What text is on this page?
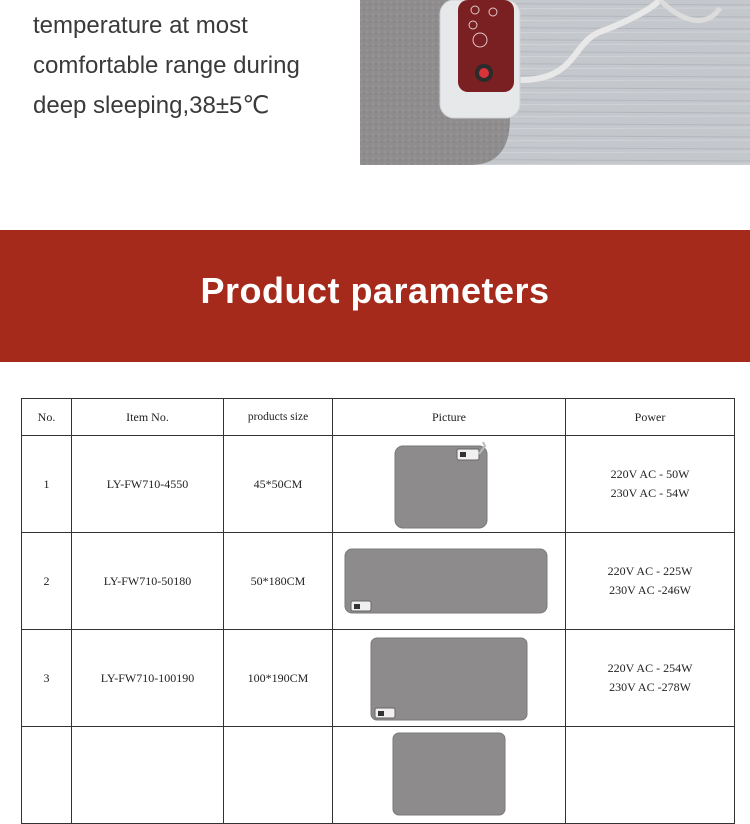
temperature at most
comfortable range during
deep sleeping,38±5℃
Product parameters
No.	Item No.	products size	Picture	Power
1	LY-FW710-4550	45*50CM		220V AC - 50W
230V AC - 54W

2	LY-FW710-50180	50*180CM		220V AC - 225W
230V AC -246W

3	LY-FW710-100190	100*190CM		220V AC - 254W
230V AC -278W
